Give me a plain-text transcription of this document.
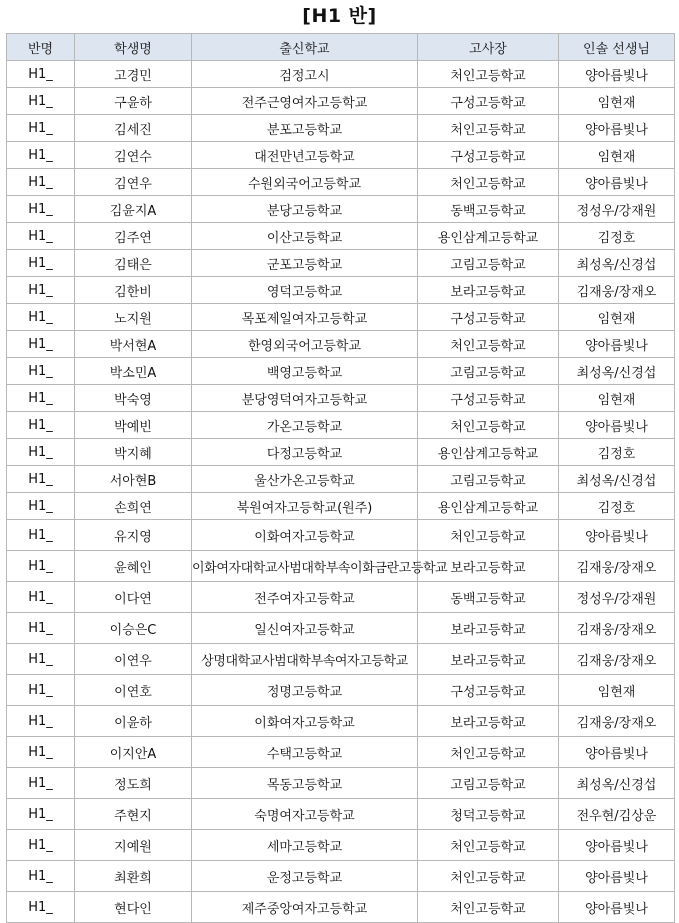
[H1 반]
반명	학생명	출신학교	고사장	인솔 선생님
H1_	고경민	검정고시	처인고등학교	양아름빛나
H1_	구윤하	전주근영여자고등학교	구성고등학교	임현재
H1_	김세진	분포고등학교	처인고등학교	양아름빛나
H1_	김연수	대전만년고등학교	구성고등학교	임현재
H1_	김연우	수원외국어고등학교	처인고등학교	양아름빛나
H1_	김윤지A	분당고등학교	동백고등학교	정성우/강재원
H1_	김주연	이산고등학교	용인삼계고등학교	김정호
H1_	김태은	군포고등학교	고림고등학교	최성옥/신경섭
H1_	김한비	영덕고등학교	보라고등학교	김재웅/장재오
H1_	노지원	목포제일여자고등학교	구성고등학교	임현재
H1_	박서현A	한영외국어고등학교	처인고등학교	양아름빛나
H1_	박소민A	백영고등학교	고림고등학교	최성옥/신경섭
H1_	박숙영	분당영덕여자고등학교	구성고등학교	임현재
H1_	박예빈	가온고등학교	처인고등학교	양아름빛나
H1_	박지혜	다정고등학교	용인삼계고등학교	김정호
H1_	서아현B	울산가온고등학교	고림고등학교	최성옥/신경섭
H1_	손희연	북원여자고등학교(원주)	용인삼계고등학교	김정호
H1_	유지영	이화여자고등학교	처인고등학교	양아름빛나
H1_	윤혜인	이화여자대학교사범대학부속이화금란고등학교	보라고등학교	김재웅/장재오
H1_	이다연	전주여자고등학교	동백고등학교	정성우/강재원
H1_	이승은C	일신여자고등학교	보라고등학교	김재웅/장재오
H1_	이연우	상명대학교사범대학부속여자고등학교	보라고등학교	김재웅/장재오
H1_	이연호	정명고등학교	구성고등학교	임현재
H1_	이윤하	이화여자고등학교	보라고등학교	김재웅/장재오
H1_	이지안A	수택고등학교	처인고등학교	양아름빛나
H1_	정도희	목동고등학교	고림고등학교	최성옥/신경섭
H1_	주현지	숙명여자고등학교	청덕고등학교	전우현/김상운
H1_	지예원	세마고등학교	처인고등학교	양아름빛나
H1_	최환희	운정고등학교	처인고등학교	양아름빛나
H1_	현다인	제주중앙여자고등학교	처인고등학교	양아름빛나
